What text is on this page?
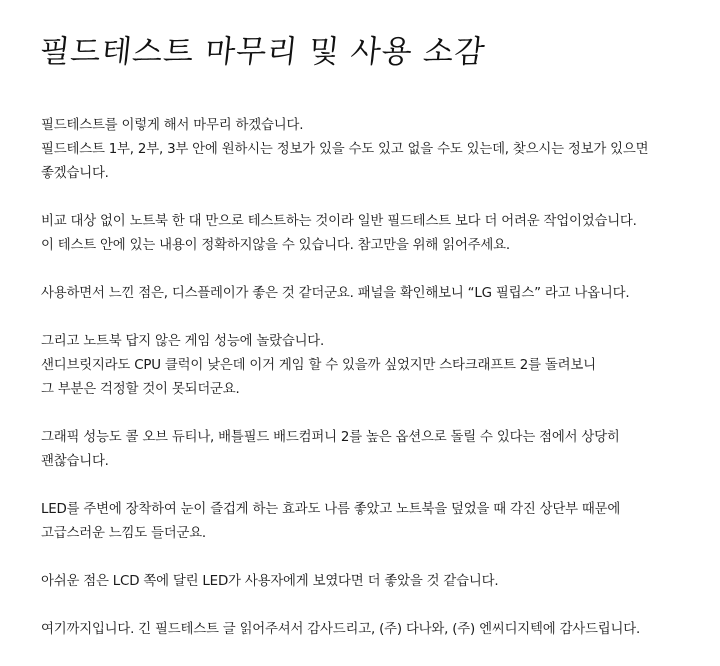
필드테스트 마무리 및 사용 소감
필드테스트를 이렇게 해서 마무리 하겠습니다.
필드테스트 1부, 2부, 3부 안에 원하시는 정보가 있을 수도 있고 없을 수도 있는데, 찾으시는 정보가 있으면
좋겠습니다.
비교 대상 없이 노트북 한 대 만으로 테스트하는 것이라 일반 필드테스트 보다 더 어려운 작업이었습니다.
이 테스트 안에 있는 내용이 정확하지않을 수 있습니다. 참고만을 위해 읽어주세요.
사용하면서 느낀 점은, 디스플레이가 좋은 것 같더군요. 패널을 확인해보니 “LG 필립스” 라고 나옵니다.
그리고 노트북 답지 않은 게임 성능에 놀랐습니다.
샌디브릿지라도 CPU 클럭이 낮은데 이거 게임 할 수 있을까 싶었지만 스타크래프트 2를 돌려보니
그 부분은 걱정할 것이 못되더군요.
그래픽 성능도 콜 오브 듀티나, 배틀필드 배드컴퍼니 2를 높은 옵션으로 돌릴 수 있다는 점에서 상당히
괜찮습니다.
LED를 주변에 장착하여 눈이 즐겁게 하는 효과도 나름 좋았고 노트북을 덮었을 때 각진 상단부 때문에
고급스러운 느낌도 들더군요.
아쉬운 점은 LCD 쪽에 달린 LED가 사용자에게 보였다면 더 좋았을 것 같습니다.
여기까지입니다. 긴 필드테스트 글 읽어주셔서 감사드리고, (주) 다나와, (주) 엔씨디지텍에 감사드립니다.
